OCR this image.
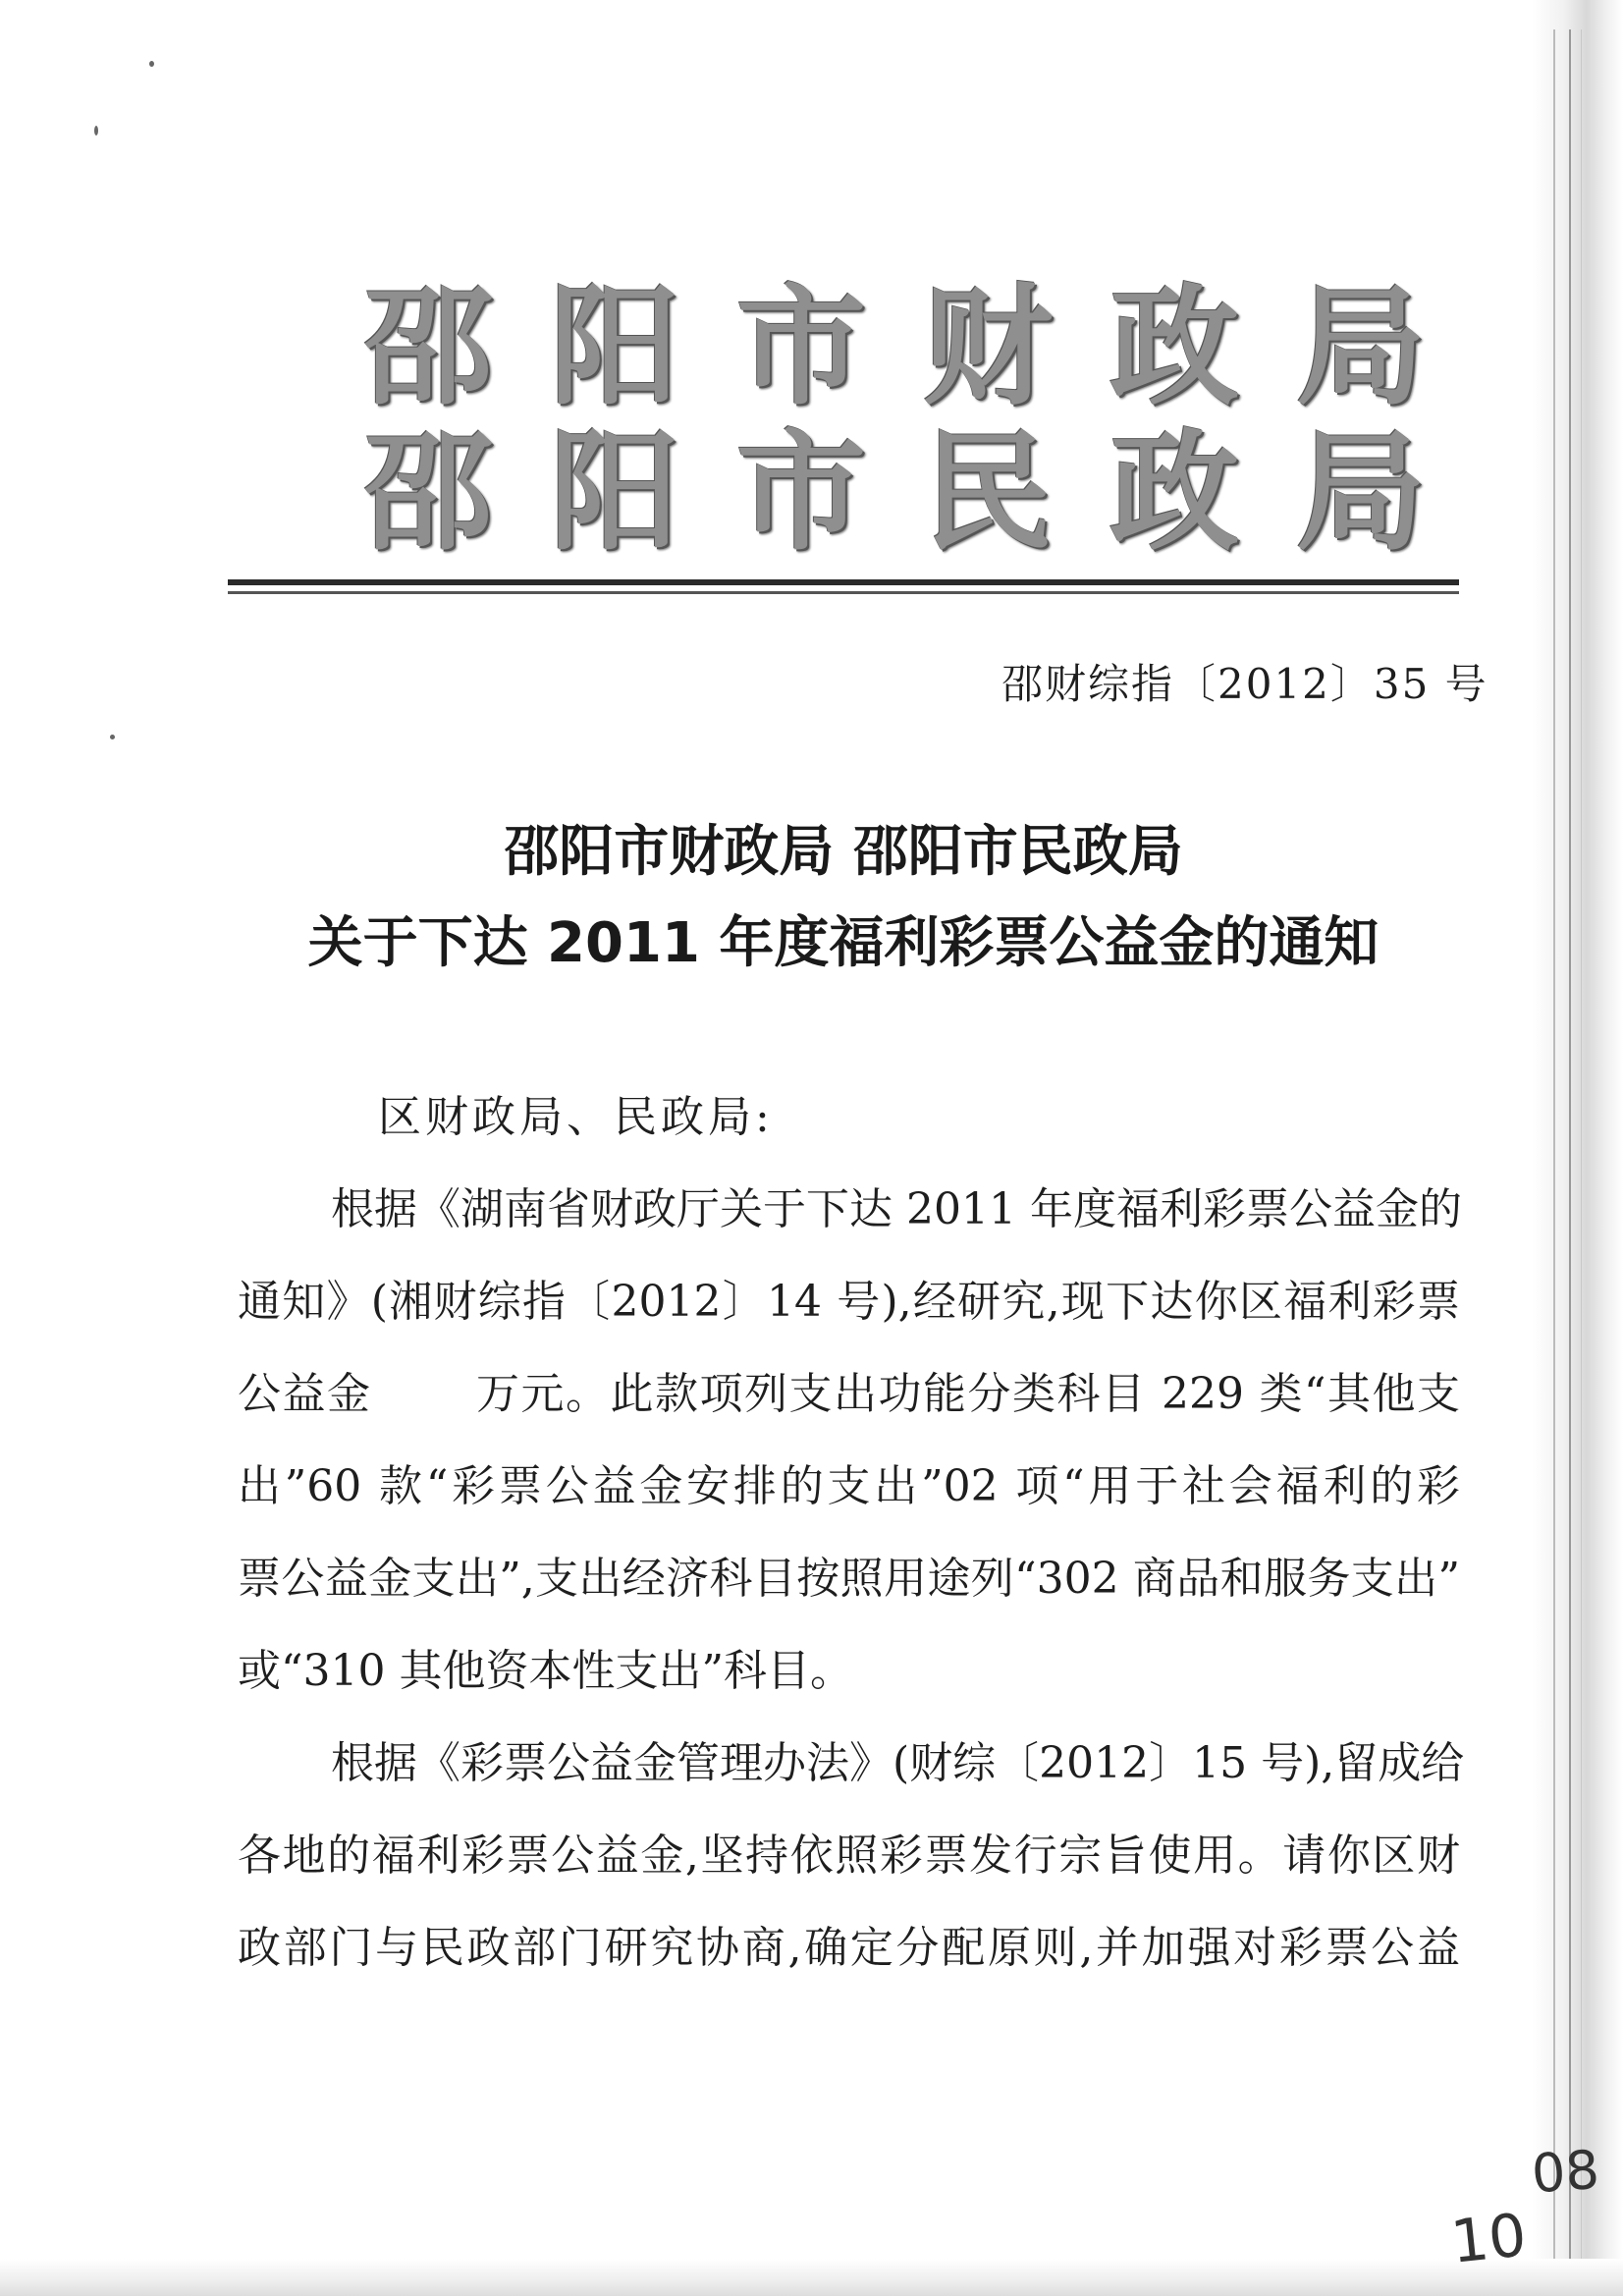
邵阳市财政局
邵阳市民政局
邵财综指〔2012〕35 号
邵阳市财政局 邵阳市民政局
关于下达 2011 年度福利彩票公益金的通知
区财政局、民政局:
根据《湖南省财政厅关于下达 2011 年度福利彩票公益金的
通知》(湘财综指〔2012〕14 号),经研究,现下达你区福利彩票
公益金　　 万元。此款项列支出功能分类科目 229 类“其他支
出”60 款“彩票公益金安排的支出”02 项“用于社会福利的彩
票公益金支出”,支出经济科目按照用途列“302 商品和服务支出”
或“310 其他资本性支出”科目。
根据《彩票公益金管理办法》(财综〔2012〕15 号),留成给
各地的福利彩票公益金,坚持依照彩票发行宗旨使用。请你区财
政部门与民政部门研究协商,确定分配原则,并加强对彩票公益
08
10
